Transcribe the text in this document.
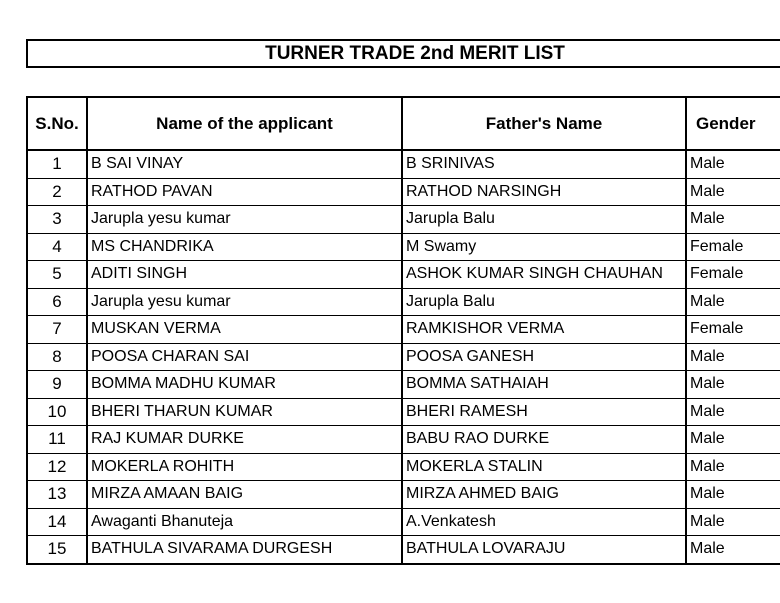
TURNER TRADE 2nd MERIT LIST
S.No.	Name of the applicant	Father's Name	Gender
1	B SAI VINAY	B SRINIVAS	Male
2	RATHOD PAVAN	RATHOD NARSINGH	Male
3	Jarupla yesu kumar	Jarupla Balu	Male
4	MS CHANDRIKA	M Swamy	Female
5	ADITI SINGH	ASHOK KUMAR SINGH CHAUHAN	Female
6	Jarupla yesu kumar	Jarupla Balu	Male
7	MUSKAN VERMA	RAMKISHOR VERMA	Female
8	POOSA CHARAN SAI	POOSA GANESH	Male
9	BOMMA MADHU KUMAR	BOMMA SATHAIAH	Male
10	BHERI THARUN KUMAR	BHERI RAMESH	Male
11	RAJ KUMAR DURKE	BABU RAO DURKE	Male
12	MOKERLA ROHITH	MOKERLA STALIN	Male
13	MIRZA AMAAN BAIG	MIRZA AHMED BAIG	Male
14	Awaganti Bhanuteja	A.Venkatesh	Male
15	BATHULA SIVARAMA DURGESH	BATHULA LOVARAJU	Male
